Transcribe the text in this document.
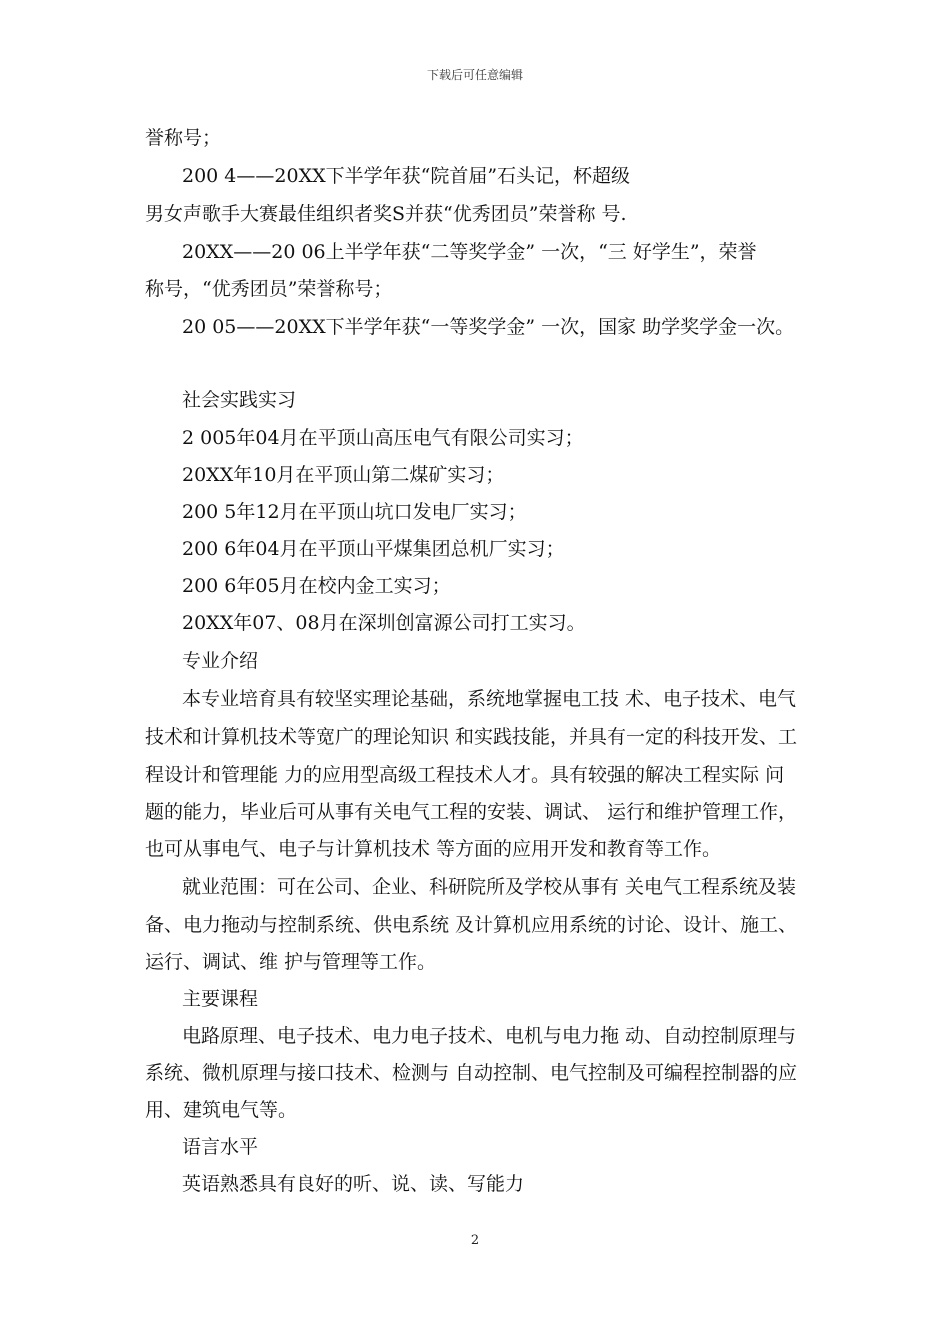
下载后可任意编辑
誉称号；
200 4——20XX下半学年获“院首届”石头记，杯超级
男女声歌手大赛最佳组织者奖S并获“优秀团员”荣誉称 号.
20XX——20 06上半学年获“二等奖学金” 一次，“三 好学生”，荣誉
称号，“优秀团员”荣誉称号；
20 05——20XX下半学年获“一等奖学金” 一次，国家 助学奖学金一次。
社会实践实习
2 005年04月在平顶山高压电气有限公司实习；
20XX年10月在平顶山第二煤矿实习；
200 5年12月在平顶山坑口发电厂实习；
200 6年04月在平顶山平煤集团总机厂实习；
200 6年05月在校内金工实习；
20XX年07、08月在深圳创富源公司打工实习。
专业介绍
本专业培育具有较坚实理论基础，系统地掌握电工技 术、电子技术、电气
技术和计算机技术等宽广的理论知识 和实践技能，并具有一定的科技开发、工
程设计和管理能 力的应用型高级工程技术人才。具有较强的解决工程实际 问
题的能力，毕业后可从事有关电气工程的安装、调试、 运行和维护管理工作，
也可从事电气、电子与计算机技术 等方面的应用开发和教育等工作。
就业范围：可在公司、企业、科研院所及学校从事有 关电气工程系统及装
备、电力拖动与控制系统、供电系统 及计算机应用系统的讨论、设计、施工、
运行、调试、维 护与管理等工作。
主要课程
电路原理、电子技术、电力电子技术、电机与电力拖 动、自动控制原理与
系统、微机原理与接口技术、检测与 自动控制、电气控制及可编程控制器的应
用、建筑电气等。
语言水平
英语熟悉具有良好的听、说、读、写能力
2
